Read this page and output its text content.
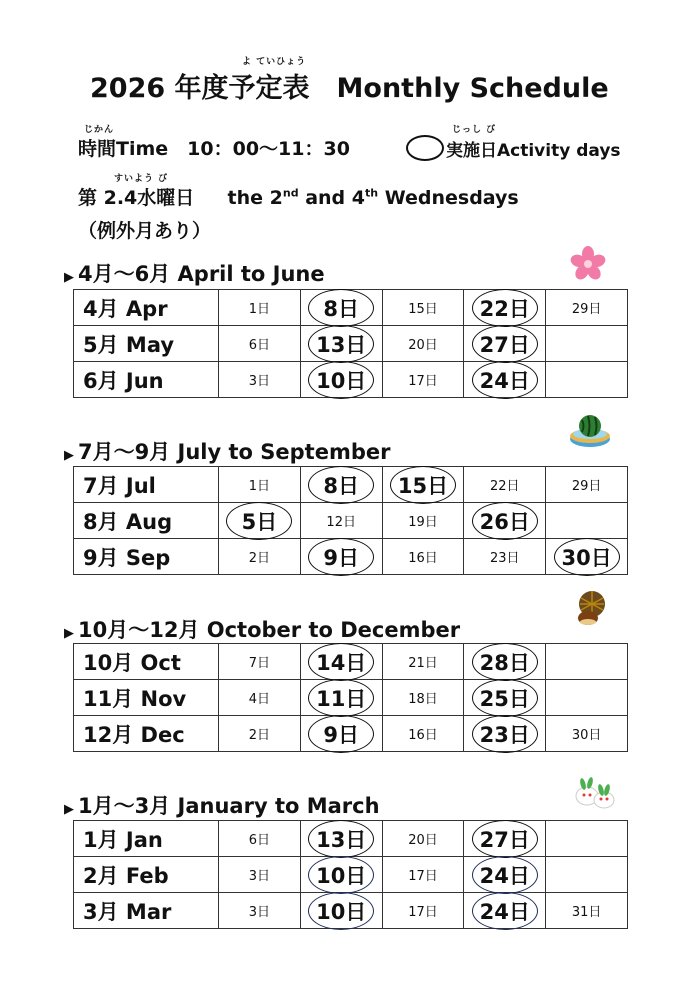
よ ていひょう
2026 年度予定表　Monthly Schedule
じかん
時間Time　10：00〜11：30
じっし び
実施日Activity days
すいよう び
第 2.4水曜日 the 2nd and 4th Wednesdays
（例外月あり）
▶ 4月〜6月 April to June
▶ 7月〜9月 July to September
▶ 10月〜12月 October to December
▶ 1月〜3月 January to March
4月 Apr	1日	8日	15日	22日	29日
5月 May	6日	13日	20日	27日

6月 Jun	3日	10日	17日	24日

7月 Jul	1日	8日	15日	22日	29日
8月 Aug	5日	12日	19日	26日

9月 Sep	2日	9日	16日	23日	30日
10月 Oct	7日	14日	21日	28日

11月 Nov	4日	11日	18日	25日

12月 Dec	2日	9日	16日	23日	30日
1月 Jan	6日	13日	20日	27日

2月 Feb	3日	10日	17日	24日

3月 Mar	3日	10日	17日	24日	31日
